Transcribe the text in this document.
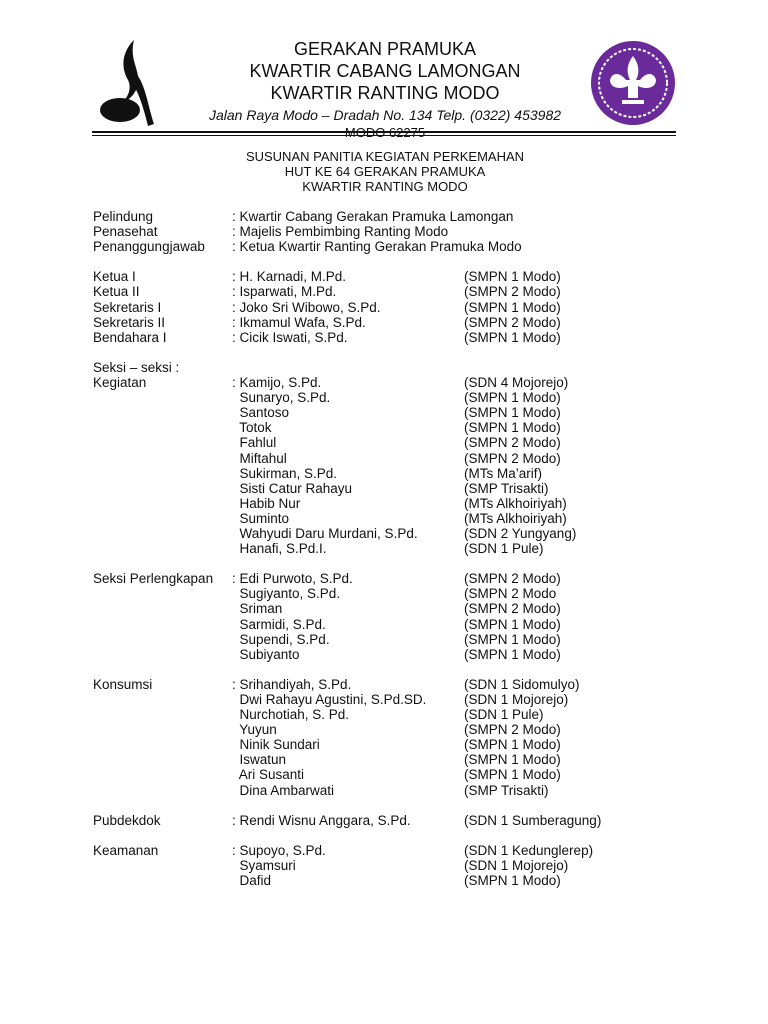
GERAKAN PRAMUKA
KWARTIR CABANG LAMONGAN
KWARTIR RANTING MODO
Jalan Raya Modo – Dradah No. 134 Telp. (0322) 453982
SUSUNAN PANITIA KEGIATAN PERKEMAHAN
HUT KE 64 GERAKAN PRAMUKA
KWARTIR RANTING MODO
Pelindung	: Kwartir Cabang Gerakan Pramuka Lamongan
Penasehat	: Majelis Pembimbing Ranting Modo
Penanggungjawab : Ketua Kwartir Ranting Gerakan Pramuka Modo
Ketua I	: H. Karnadi, M.Pd.	(SMPN 1 Modo)
Ketua II	: Isparwati, M.Pd.	(SMPN 2 Modo)
Sekretaris I	: Joko Sri Wibowo, S.Pd.	(SMPN 1 Modo)
Sekretaris II	: Ikmamul Wafa, S.Pd.	(SMPN 2 Modo)
Bendahara I	: Cicik Iswati, S.Pd.	(SMPN 1 Modo)
Seksi – seksi :
Kegiatan	: Kamijo, S.Pd.	(SDN 4 Mojorejo)
Sunaryo, S.Pd.	(SMPN 1 Modo)
Santoso	(SMPN 1 Modo)
Totok	(SMPN 1 Modo)
Fahlul	(SMPN 2 Modo)
Miftahul	(SMPN 2 Modo)
Sukirman, S.Pd.	(MTs Ma’arif)
Sisti Catur Rahayu	(SMP Trisakti)
Habib Nur	(MTs Alkhoiriyah)
Suminto	(MTs Alkhoiriyah)
Wahyudi Daru Murdani, S.Pd.	(SDN 2 Yungyang)
Hanafi, S.Pd.I.	(SDN 1 Pule)
Seksi Perlengkapan : Edi Purwoto, S.Pd.	(SMPN 2 Modo)
Sugiyanto, S.Pd.	(SMPN 2 Modo
Sriman	(SMPN 2 Modo)
Sarmidi, S.Pd.	(SMPN 1 Modo)
Supendi, S.Pd.	(SMPN 1 Modo)
Subiyanto	(SMPN 1 Modo)
Konsumsi	: Srihandiyah, S.Pd.	(SDN 1 Sidomulyo)
Dwi Rahayu Agustini, S.Pd.SD.	(SDN 1 Mojorejo)
Nurchotiah, S. Pd.	(SDN 1 Pule)
Yuyun	(SMPN 2 Modo)
Ninik Sundari	(SMPN 1 Modo)
Iswatun	(SMPN 1 Modo)
Ari Susanti	(SMPN 1 Modo)
Dina Ambarwati	(SMP Trisakti)
Pubdekdok	: Rendi Wisnu Anggara, S.Pd.	(SDN 1 Sumberagung)
Keamanan	: Supoyo, S.Pd.	(SDN 1 Kedunglerep)
Syamsuri	(SDN 1 Mojorejo)
Dafid	(SMPN 1 Modo)
